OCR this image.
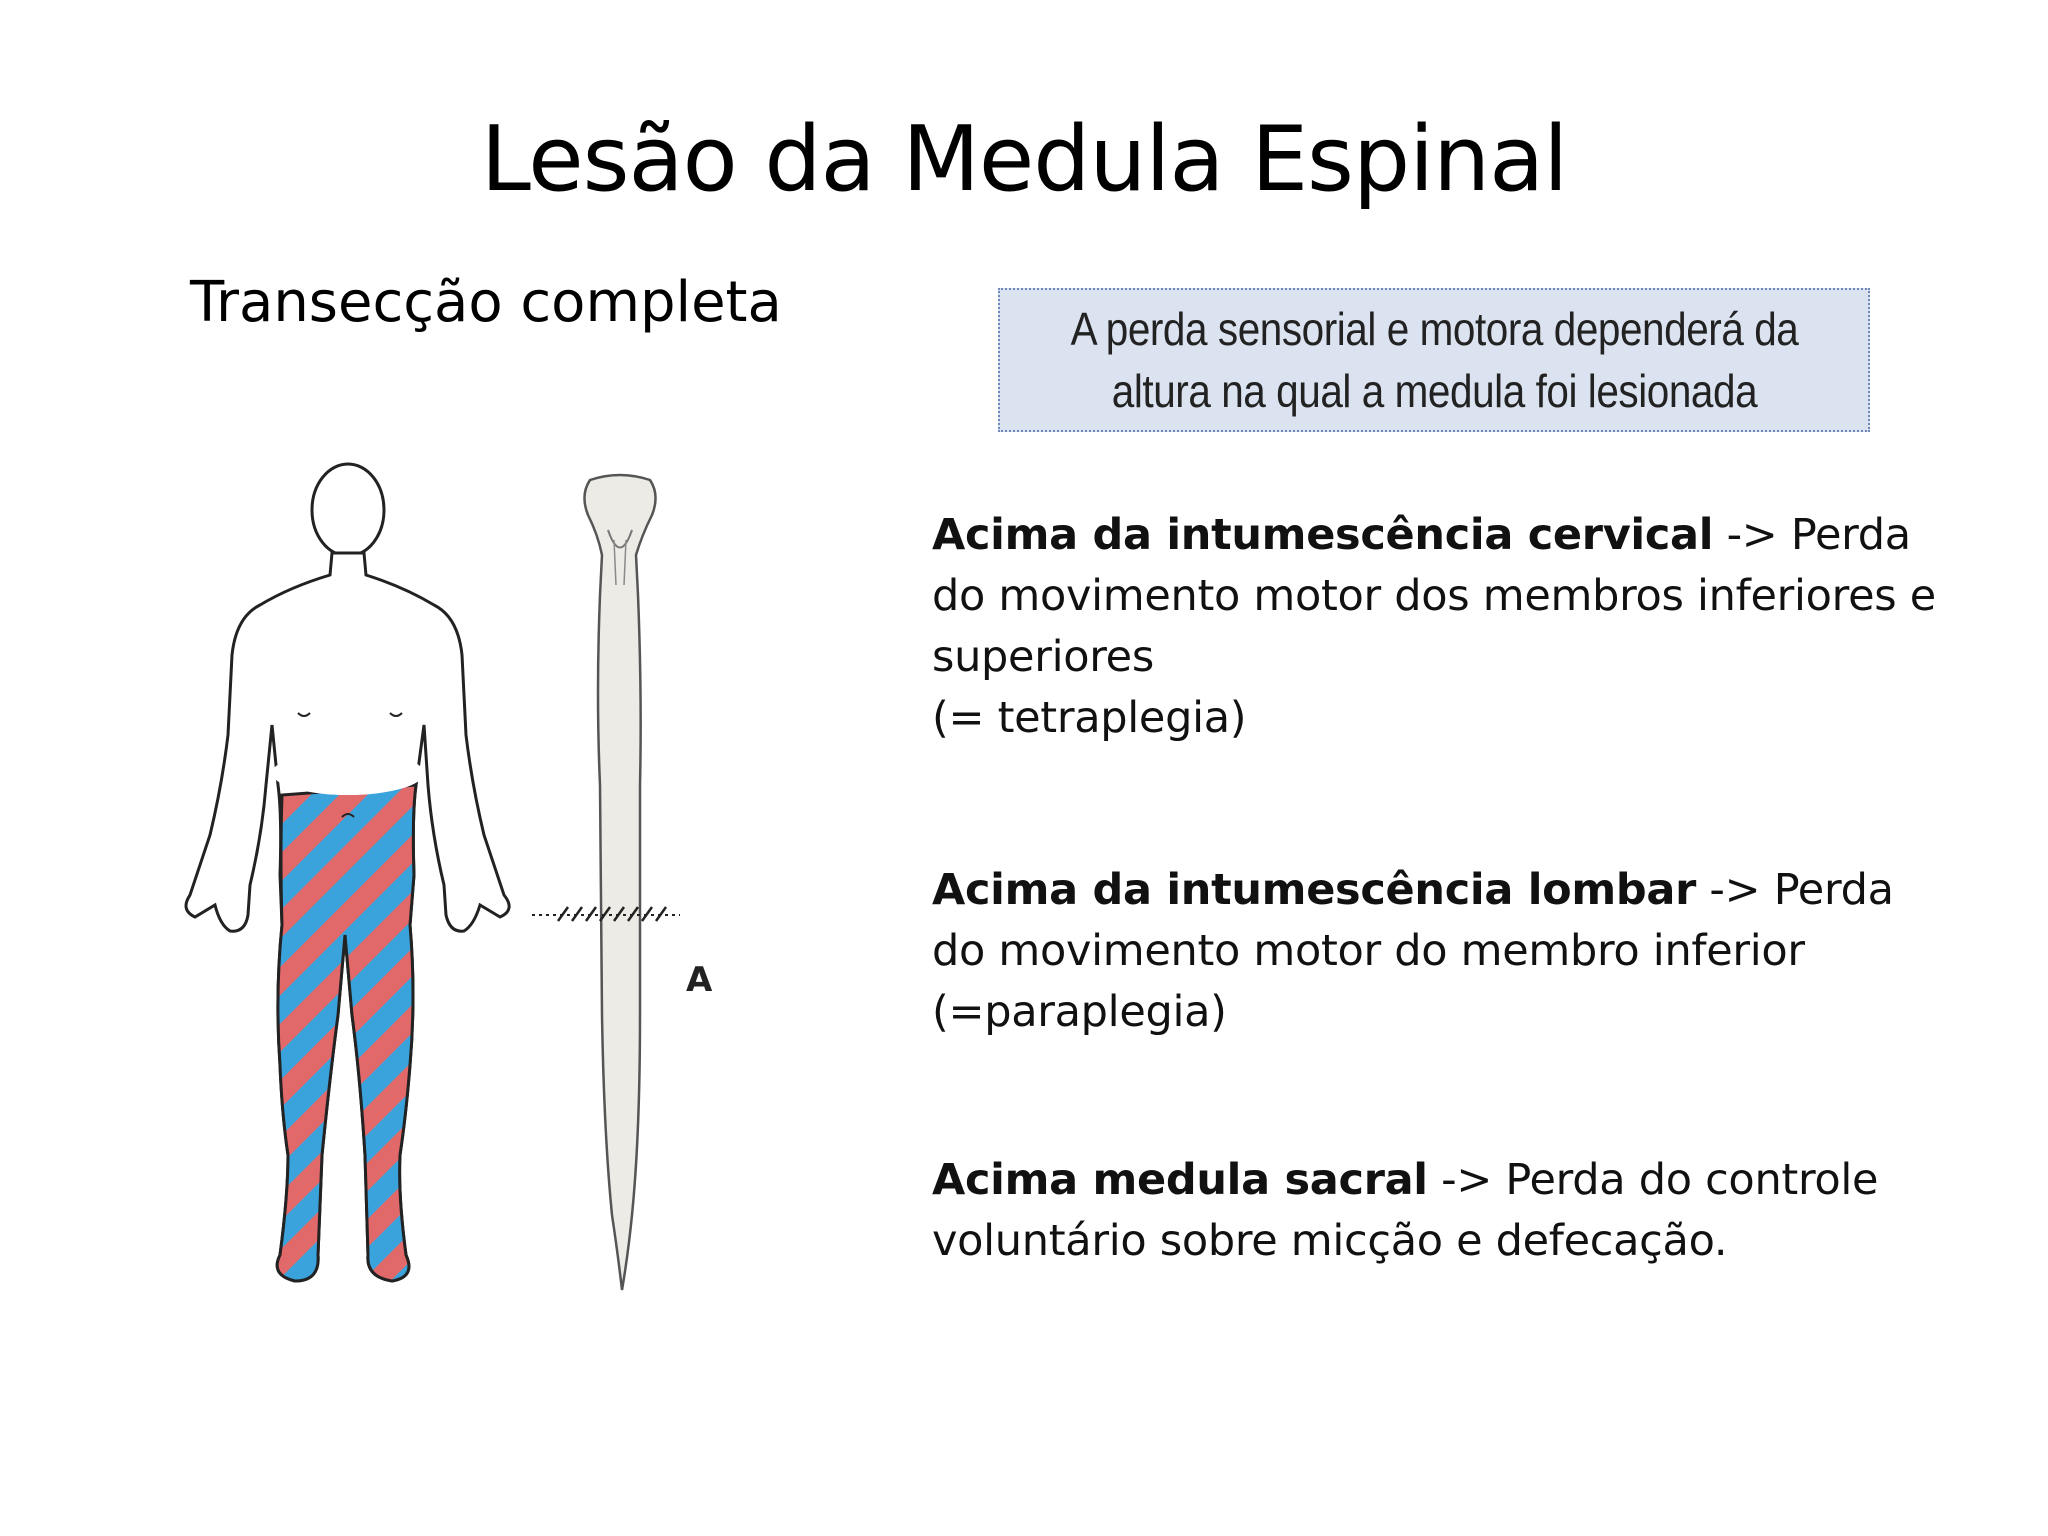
Lesão da Medula Espinal
Transecção completa	A perda sensorial e motora dependerá da
altura na qual a medula foi lesionada
A
Acima da intumescência cervical -> Perda do movimento motor dos membros inferiores e superiores
(= tetraplegia)
Acima da intumescência lombar -> Perda do movimento motor do membro inferior
(=paraplegia)
Acima medula sacral -> Perda do controle voluntário sobre micção e defecação.
